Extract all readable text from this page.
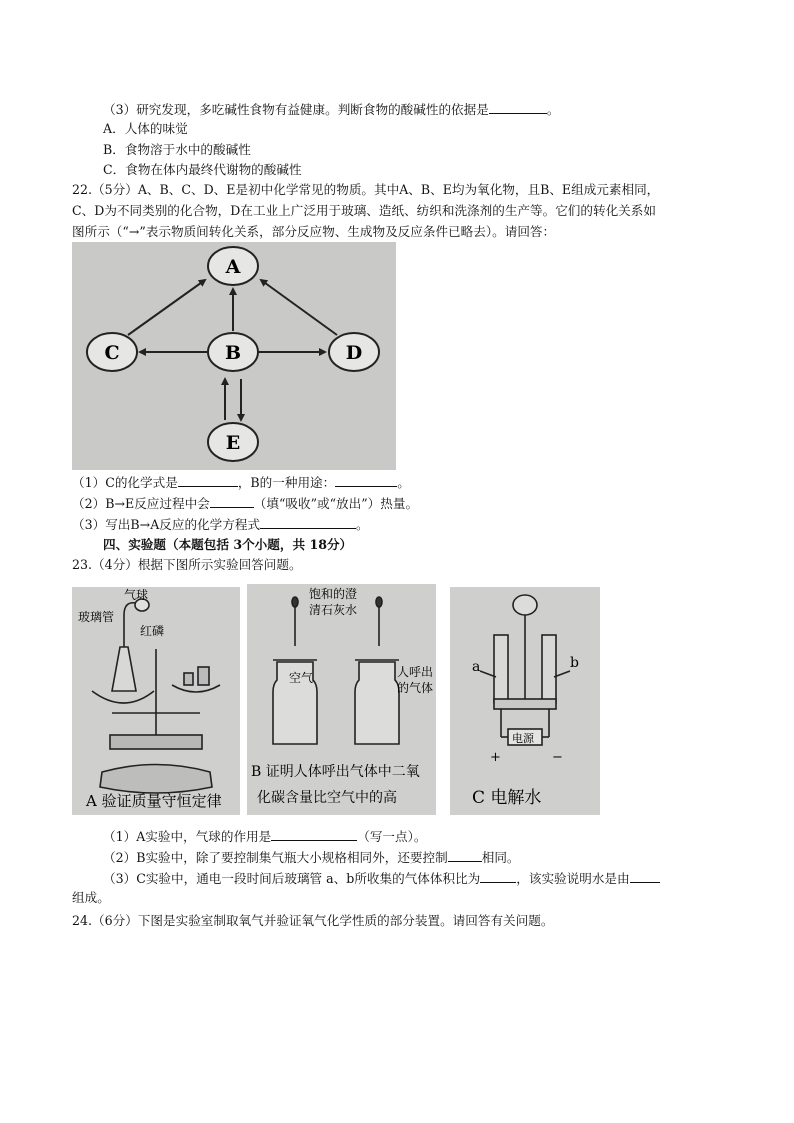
（3）研究发现，多吃碱性食物有益健康。判断食物的酸碱性的依据是	。
A．人体的味觉
B．食物溶于水中的酸碱性
C．食物在体内最终代谢物的酸碱性
22.（5分）A、B、C、D、E是初中化学常见的物质。其中A、B、E均为氧化物，且B、E组成元素相同，
C、D为不同类别的化合物，D在工业上广泛用于玻璃、造纸、纺织和洗涤剂的生产等。它们的转化关系如
图所示（“→”表示物质间转化关系，部分反应物、生成物及反应条件已略去）。请回答：
A
C	B	D
E
（1）C的化学式是	，B的一种用途：	。
（2）B→E反应过程中会	（填“吸收”或“放出”）热量。
（3）写出B→A反应的化学方程式	。
四、实验题（本题包括 3个小题，共 18分）
23.（4分）根据下图所示实验回答问题。
气球
玻璃管
红磷
A 验证质量守恒定律
饱和的澄
清石灰水
空气	人呼出
的气体
B 证明人体呼出气体中二氧
化碳含量比空气中的高
a	b
电源
+	−
C 电解水
（1）A实验中，气球的作用是	（写一点）。
（2）B实验中，除了要控制集气瓶大小规格相同外，还要控制	相同。
（3）C实验中，通电一段时间后玻璃管 a、b所收集的气体体积比为	，该实验说明水是由
组成。
24.（6分）下图是实验室制取氧气并验证氧气化学性质的部分装置。请回答有关问题。
